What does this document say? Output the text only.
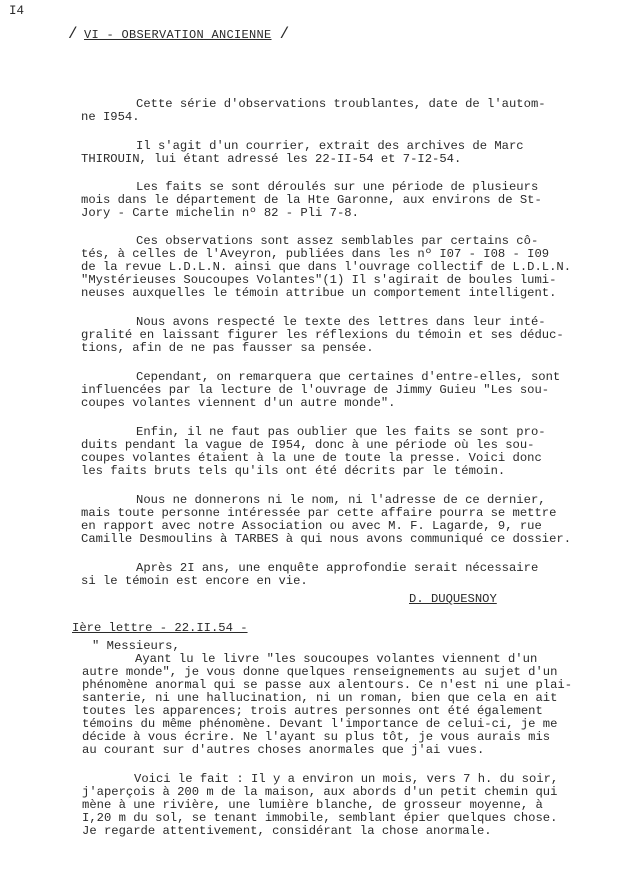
I4
/ VI - OBSERVATION ANCIENNE /
Cette série d'observations troublantes, date de l'autom-
ne I954.
Il s'agit d'un courrier, extrait des archives de Marc
THIROUIN, lui étant adressé les 22-II-54 et 7-I2-54.
Les faits se sont déroulés sur une période de plusieurs
mois dans le département de la Hte Garonne, aux environs de St-
Jory - Carte michelin nº 82 - Pli 7-8.
Ces observations sont assez semblables par certains cô-
tés, à celles de l'Aveyron, publiées dans les nº I07 - I08 - I09
de la revue L.D.L.N. ainsi que dans l'ouvrage collectif de L.D.L.N.
"Mystérieuses Soucoupes Volantes"(1) Il s'agirait de boules lumi-
neuses auxquelles le témoin attribue un comportement intelligent.
Nous avons respecté le texte des lettres dans leur inté-
gralité en laissant figurer les réflexions du témoin et ses déduc-
tions, afin de ne pas fausser sa pensée.
Cependant, on remarquera que certaines d'entre-elles, sont
influencées par la lecture de l'ouvrage de Jimmy Guieu "Les sou-
coupes volantes viennent d'un autre monde".
Enfin, il ne faut pas oublier que les faits se sont pro-
duits pendant la vague de I954, donc à une période où les sou-
coupes volantes étaient à la une de toute la presse. Voici donc
les faits bruts tels qu'ils ont été décrits par le témoin.
Nous ne donnerons ni le nom, ni l'adresse de ce dernier,
mais toute personne intéressée par cette affaire pourra se mettre
en rapport avec notre Association ou avec M. F. Lagarde, 9, rue
Camille Desmoulins à TARBES à qui nous avons communiqué ce dossier.
Après 2I ans, une enquête approfondie serait nécessaire
si le témoin est encore en vie.
D. DUQUESNOY
Ière lettre - 22.II.54 -
" Messieurs,
Ayant lu le livre "les soucoupes volantes viennent d'un
autre monde", je vous donne quelques renseignements au sujet d'un
phénomène anormal qui se passe aux alentours. Ce n'est ni une plai-
santerie, ni une hallucination, ni un roman, bien que cela en ait
toutes les apparences; trois autres personnes ont été également
témoins du même phénomène. Devant l'importance de celui-ci, je me
décide à vous écrire. Ne l'ayant su plus tôt, je vous aurais mis
au courant sur d'autres choses anormales que j'ai vues.
Voici le fait : Il y a environ un mois, vers 7 h. du soir,
j'aperçois à 200 m de la maison, aux abords d'un petit chemin qui
mène à une rivière, une lumière blanche, de grosseur moyenne, à
I,20 m du sol, se tenant immobile, semblant épier quelques chose.
Je regarde attentivement, considérant la chose anormale.
